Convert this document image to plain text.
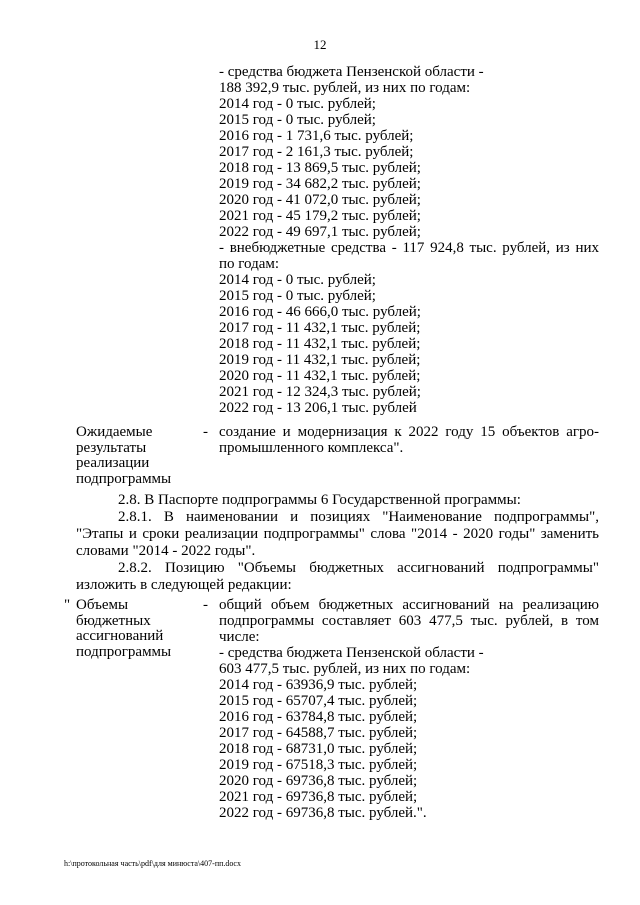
12
- средства бюджета Пензенской области -
188 392,9 тыс. рублей, из них по годам:
2014 год - 0 тыс. рублей;
2015 год - 0 тыс. рублей;
2016 год - 1 731,6 тыс. рублей;
2017 год - 2 161,3 тыс. рублей;
2018 год - 13 869,5 тыс. рублей;
2019 год - 34 682,2 тыс. рублей;
2020 год - 41 072,0 тыс. рублей;
2021 год - 45 179,2 тыс. рублей;
2022 год - 49 697,1 тыс. рублей;
- внебюджетные средства - 117 924,8 тыс. рублей, из них по годам:
2014 год - 0 тыс. рублей;
2015 год - 0 тыс. рублей;
2016 год - 46 666,0 тыс. рублей;
2017 год - 11 432,1 тыс. рублей;
2018 год - 11 432,1 тыс. рублей;
2019 год - 11 432,1 тыс. рублей;
2020 год - 11 432,1 тыс. рублей;
2021 год - 12 324,3 тыс. рублей;
2022 год - 13 206,1 тыс. рублей
Ожидаемые
результаты
реализации
подпрограммы
- создание и модернизация к 2022 году 15 объектов агро-промышленного комплекса".
2.8. В Паспорте подпрограммы 6 Государственной программы:
2.8.1. В наименовании и позициях "Наименование подпрограммы",
"Этапы и сроки реализации подпрограммы" слова "2014 - 2020 годы" заменить
словами "2014 - 2022 годы".
2.8.2. Позицию "Объемы бюджетных ассигнований подпрограммы"
изложить в следующей редакции:
" Объемы
бюджетных
ассигнований
подпрограммы
- общий объем бюджетных ассигнований на реализацию подпрограммы составляет 603 477,5 тыс. рублей, в том числе:
- средства бюджета Пензенской области -
603 477,5 тыс. рублей, из них по годам:
2014 год - 63936,9 тыс. рублей;
2015 год - 65707,4 тыс. рублей;
2016 год - 63784,8 тыс. рублей;
2017 год - 64588,7 тыс. рублей;
2018 год - 68731,0 тыс. рублей;
2019 год - 67518,3 тыс. рублей;
2020 год - 69736,8 тыс. рублей;
2021 год - 69736,8 тыс. рублей;
2022 год - 69736,8 тыс. рублей.".
h:\протокольная часть\pdf\для минюста\407-пп.docx
